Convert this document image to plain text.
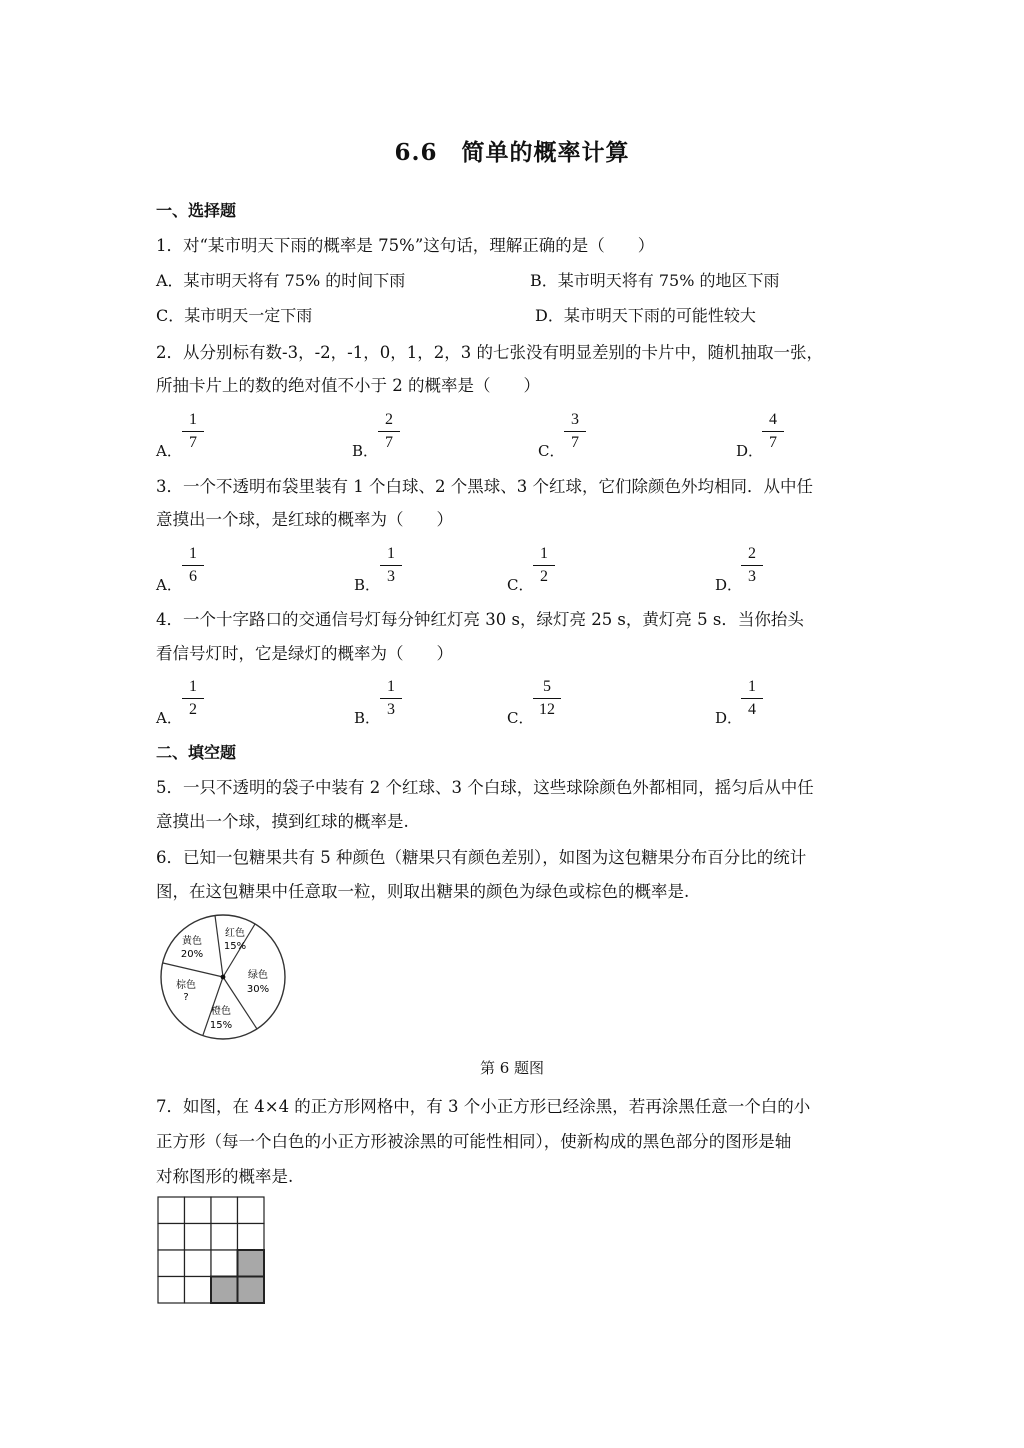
6.6　简单的概率计算
一、选择题
1．对“某市明天下雨的概率是 75%”这句话，理解正确的是（　　）
A．某市明天将有 75% 的时间下雨	B．某市明天将有 75% 的地区下雨
C．某市明天一定下雨	D．某市明天下雨的可能性较大
2．从分别标有数-3，-2，-1，0，1，2，3 的七张没有明显差别的卡片中，随机抽取一张，
所抽卡片上的数的绝对值不小于 2 的概率是（　　）
A．
1
7	B．
2
7	C．
3
7	D．
4
7
3．一个不透明布袋里装有 1 个白球、2 个黑球、3 个红球，它们除颜色外均相同．从中任
意摸出一个球，是红球的概率为（　　）
A．
1
6	B．
1
3	C．
1
2	D．
2
3
4．一个十字路口的交通信号灯每分钟红灯亮 30 s，绿灯亮 25 s，黄灯亮 5 s．当你抬头
看信号灯时，它是绿灯的概率为（　　）
A．
1
2	B．
1
3	C．
5
12	D．
1
4
二、填空题
5．一只不透明的袋子中装有 2 个红球、3 个白球，这些球除颜色外都相同，摇匀后从中任
意摸出一个球，摸到红球的概率是.
6．已知一包糖果共有 5 种颜色（糖果只有颜色差别），如图为这包糖果分布百分比的统计
图，在这包糖果中任意取一粒，则取出糖果的颜色为绿色或棕色的概率是.
黄色
20%
红色
15%
绿色
30%
橙色
15%
棕色
?
第 6 题图
7．如图，在 4×4 的正方形网格中，有 3 个小正方形已经涂黑，若再涂黑任意一个白的小
正方形（每一个白色的小正方形被涂黑的可能性相同），使新构成的黑色部分的图形是轴
对称图形的概率是.
